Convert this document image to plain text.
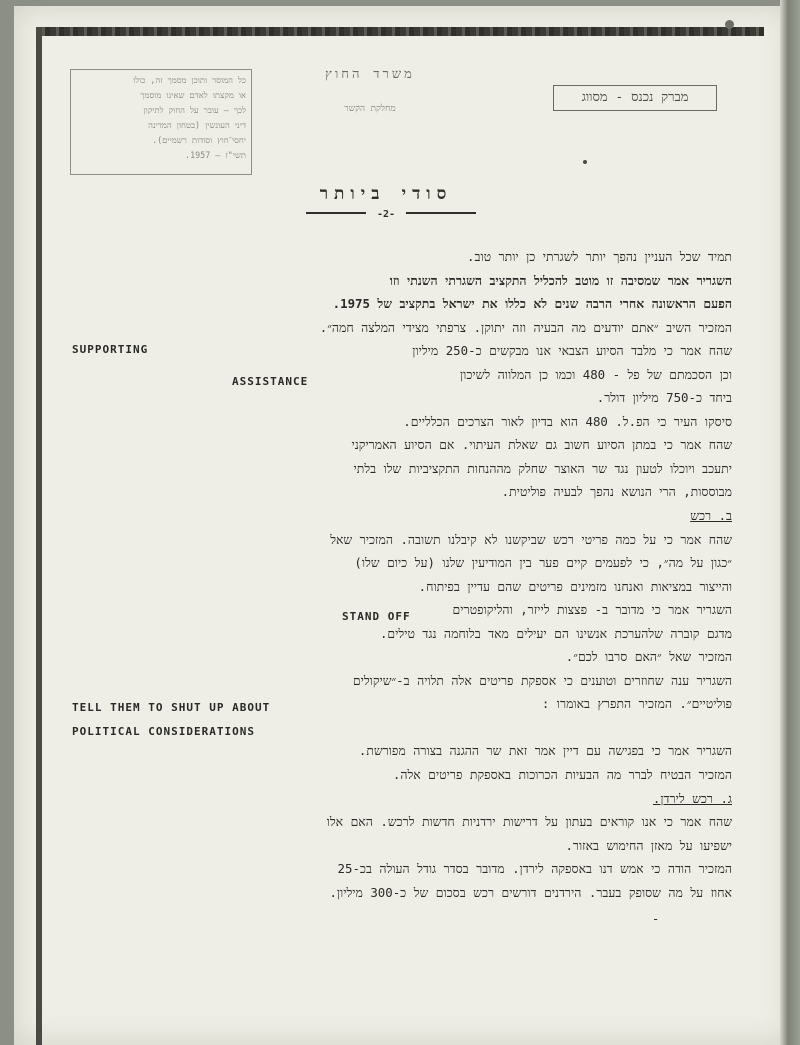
כל המוסר ותוכן מסמך זה, כולו
או מקצתו לאדם שאינו מוסמך
לכך — עובר על החוק לתיקון
דיני העונשין (בטחון המדינה
יחסי־חוץ וסודות רשמיים).
תשי"ז — 1957.
משרד החוץ
מחלקת הקשר
מברק נכנס - מסווג
סודי ביותר
-2-
תמיד שכל העניין נהפך יותר לשגרתי כן יותר טוב.
השגריר אמר שמסיבה זו מוטב להכליל התקציב השגרתי השנתי וזו
הפעם הראשונה אחרי הרבה שנים לא כללו את ישראל בתקציב של 1975.
המזכיר השיב ״אתם יודעים מה הבעיה וזה יתוקן. צרפתי מצידי המלצה חמה״.
שהח אמר כי מלבד הסיוע הצבאי אנו מבקשים כ-250 מיליון
וכן הסכמתם של פל - 480 וכמו כן המלווה לשיכון
ביחד כ-750 מיליון דולר.
סיסקו העיר כי הפ.ל. 480 הוא בדיון לאור הצרכים הכלליים.
שהח אמר כי במתן הסיוע חשוב גם שאלת העיתוי. אם הסיוע האמריקני
יתעכב ויוכלו לטעון נגד שר האוצר שחלק מההנחות התקציביות שלו בלתי
מבוססות, הרי הנושא נהפך לבעיה פוליטית.
ב. רכש
שהח אמר כי על כמה פריטי רכש שביקשנו לא קיבלנו תשובה. המזכיר שאל
״כגון על מה״, כי לפעמים קיים פער בין המודיעין שלנו (על כיום שלו)
והייצור במציאות ואנחנו מזמינים פריטים שהם עדיין בפיתוח.
השגריר אמר כי מדובר ב- פצצות לייזר, והליקופטרים
מדגם קוברה שלהערכת אנשינו הם יעילים מאד בלוחמה נגד טילים.
המזכיר שאל ״האם סרבו לכם״.
השגריר ענה שחוזרים וטוענים כי אספקת פריטים אלה תלויה ב-״שיקולים
פוליטיים״. המזכיר התפרץ באומרו :
השגריר אמר כי בפגישה עם דיין אמר זאת שר ההגנה בצורה מפורשת.
המזכיר הבטיח לברר מה הבעיות הכרוכות באספקת פריטים אלה.
ג. רכש לירדן.
שהח אמר כי אנו קוראים בעתון על דרישות ירדניות חדשות לרכש. האם אלו
ישפיעו על מאזן החימוש באזור.
המזכיר הודה כי אמש דנו באספקה לירדן. מדובר בסדר גודל העולה בכ-25
אחוז על מה שסופק בעבר. הירדנים דורשים רכש בסכום של כ-300 מיליון.
SUPPORTING
ASSISTANCE
STAND OFF
TELL THEM TO SHUT UP ABOUT
POLITICAL CONSIDERATIONS
-
